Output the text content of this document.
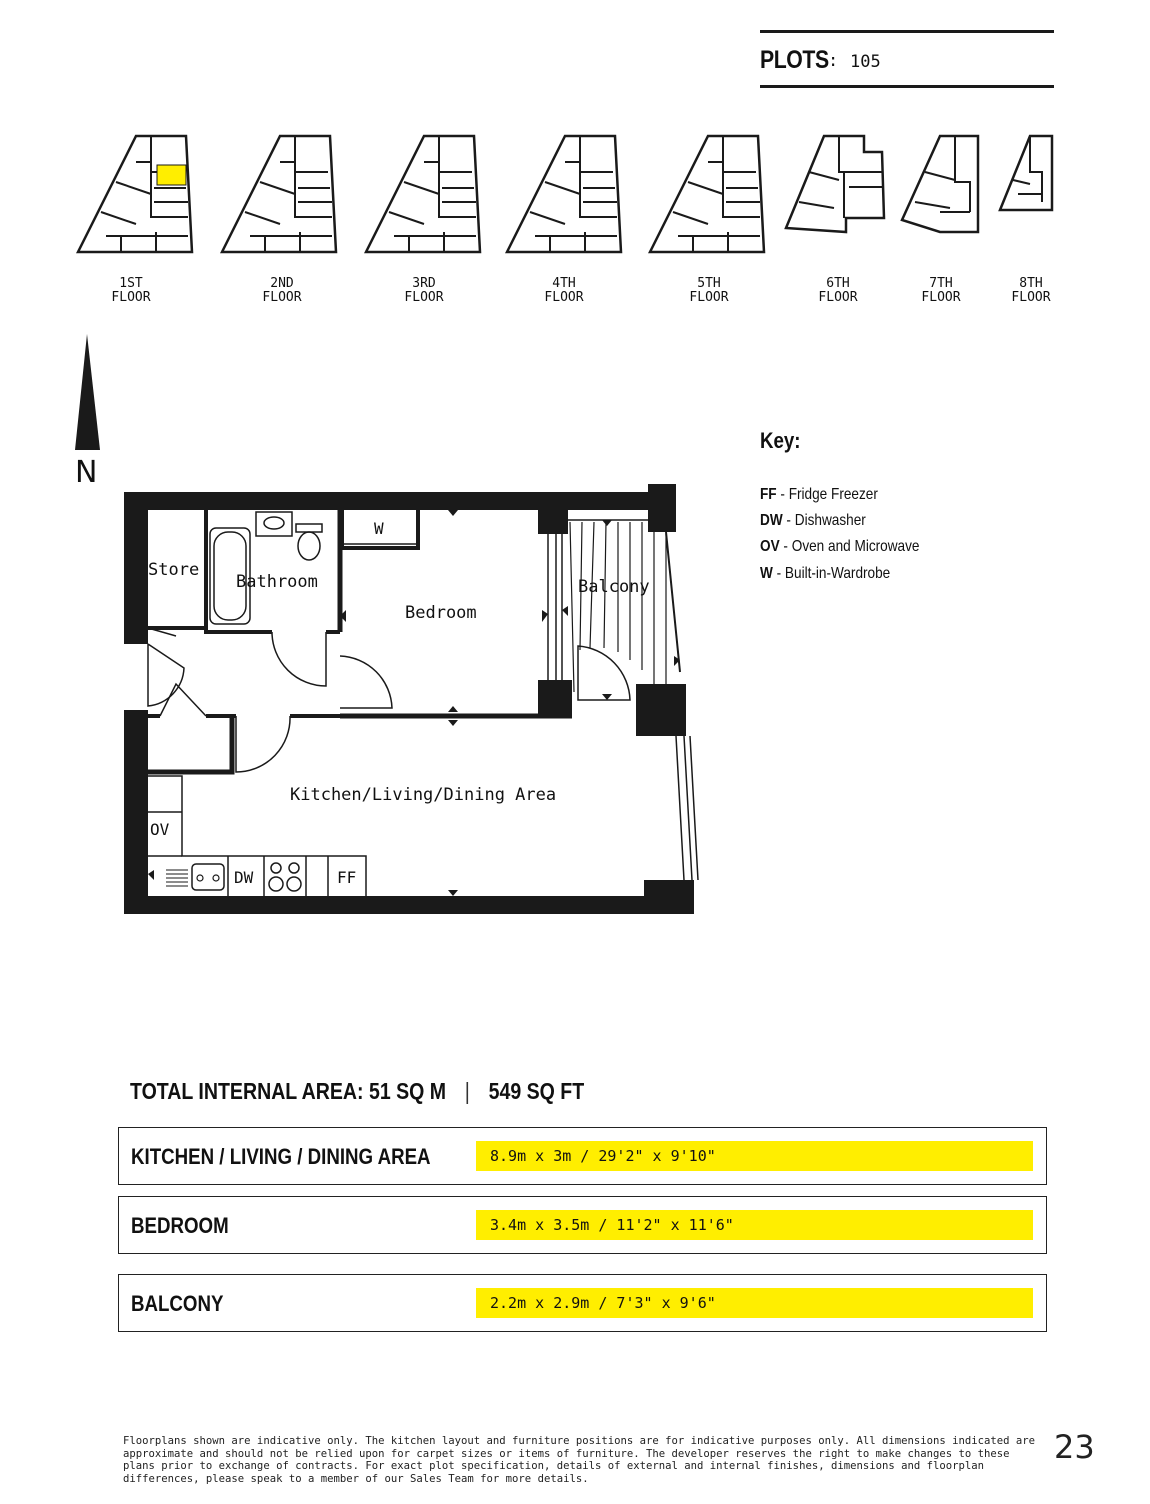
PLOTS : 105
1ST
FLOOR
2ND
FLOOR
3RD
FLOOR
4TH
FLOOR
5TH
FLOOR
6TH
FLOOR
7TH
FLOOR
8TH
FLOOR
N
Key:
FF - Fridge Freezer
DW - Dishwasher
OV - Oven and Microwave
W - Built-in-Wardrobe
Store
Bathroom
Bedroom
Balcony
Kitchen/Living/Dining Area
W
OV
DW	FF
TOTAL INTERNAL AREA: 51 SQ M | 549 SQ FT
KITCHEN / LIVING / DINING AREA	8.9m x 3m / 29'2" x 9'10"
BEDROOM	3.4m x 3.5m / 11'2" x 11'6"
BALCONY	2.2m x 2.9m / 7'3" x 9'6"
Floorplans shown are indicative only. The kitchen layout and furniture positions are for indicative purposes only. All dimensions indicated are approximate and should not be relied upon for carpet sizes or items of furniture. The developer reserves the right to make changes to these plans prior to exchange of contracts. For exact plot specification, details of external and internal finishes, dimensions and floorplan differences, please speak to a member of our Sales Team for more details.
23
